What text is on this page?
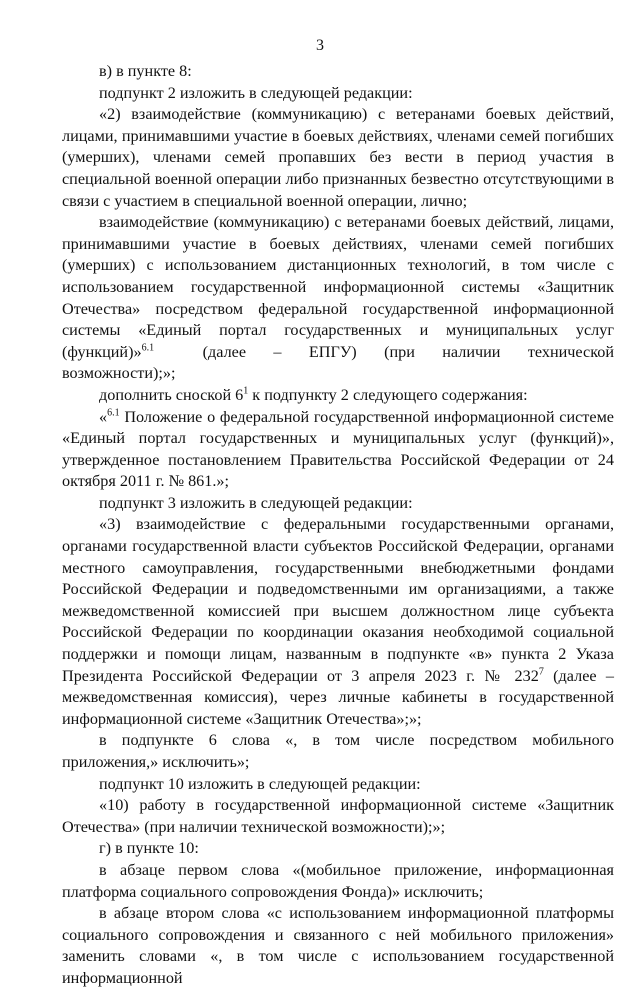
3

в) в пункте 8:

подпункт 2 изложить в следующей редакции:

«2) взаимодействие (коммуникацию) с ветеранами боевых действий, лицами, принимавшими участие в боевых действиях, членами семей погибших (умерших), членами семей пропавших без вести в период участия в специальной военной операции либо признанных безвестно отсутствующими в связи с участием в специальной военной операции, лично;

взаимодействие (коммуникацию) с ветеранами боевых действий, лицами, принимавшими участие в боевых действиях, членами семей погибших (умерших) с использованием дистанционных технологий, в том числе с использованием государственной информационной системы «Защитник Отечества» посредством федеральной государственной информационной системы «Единый портал государственных и муниципальных услуг (функций)»$^{6.1}$      	(далее – ЕПГУ) (при наличии технической возможности);»;

дополнить сноской $6^1$ к подпункту 2 следующего содержания:

«$^{6.1}$ Положение о федеральной государственной информационной системе «Единый портал государственных и муниципальных услуг (функций)», утвержденное постановлением Правительства Российской Федерации от 24 октября 2011 г. № 861.»;

подпункт 3 изложить в следующей редакции:

«3) взаимодействие с федеральными государственными органами, органами государственной власти субъектов Российской Федерации, органами местного самоуправления, государственными внебюджетными фондами Российской Федерации и подведомственными им организациями, а также межведомственной комиссией при высшем должностном лице субъекта Российской Федерации по координации оказания необходимой социальной поддержки и помощи лицам, названным в подпункте «в» пункта 2 Указа Президента Российской Федерации от 3 апреля 2023 г. № $232^7$ (далее – межведомственная комиссия), через личные кабинеты в государственной информационной системе «Защитник Отечества»;»;

в подпункте 6 слова «, в том числе посредством мобильного приложения,» исключить»;

подпункт 10 изложить в следующей редакции:

«10) работу в государственной информационной системе «Защитник Отечества» (при наличии технической возможности);»;

г) в пункте 10:

в абзаце первом слова «(мобильное приложение, информационная платформа социального сопровождения Фонда)» исключить;

в абзаце втором слова «с использованием информационной платформы социального сопровождения и связанного с ней мобильного приложения» заменить словами «, в том числе с использованием государственной информационной
